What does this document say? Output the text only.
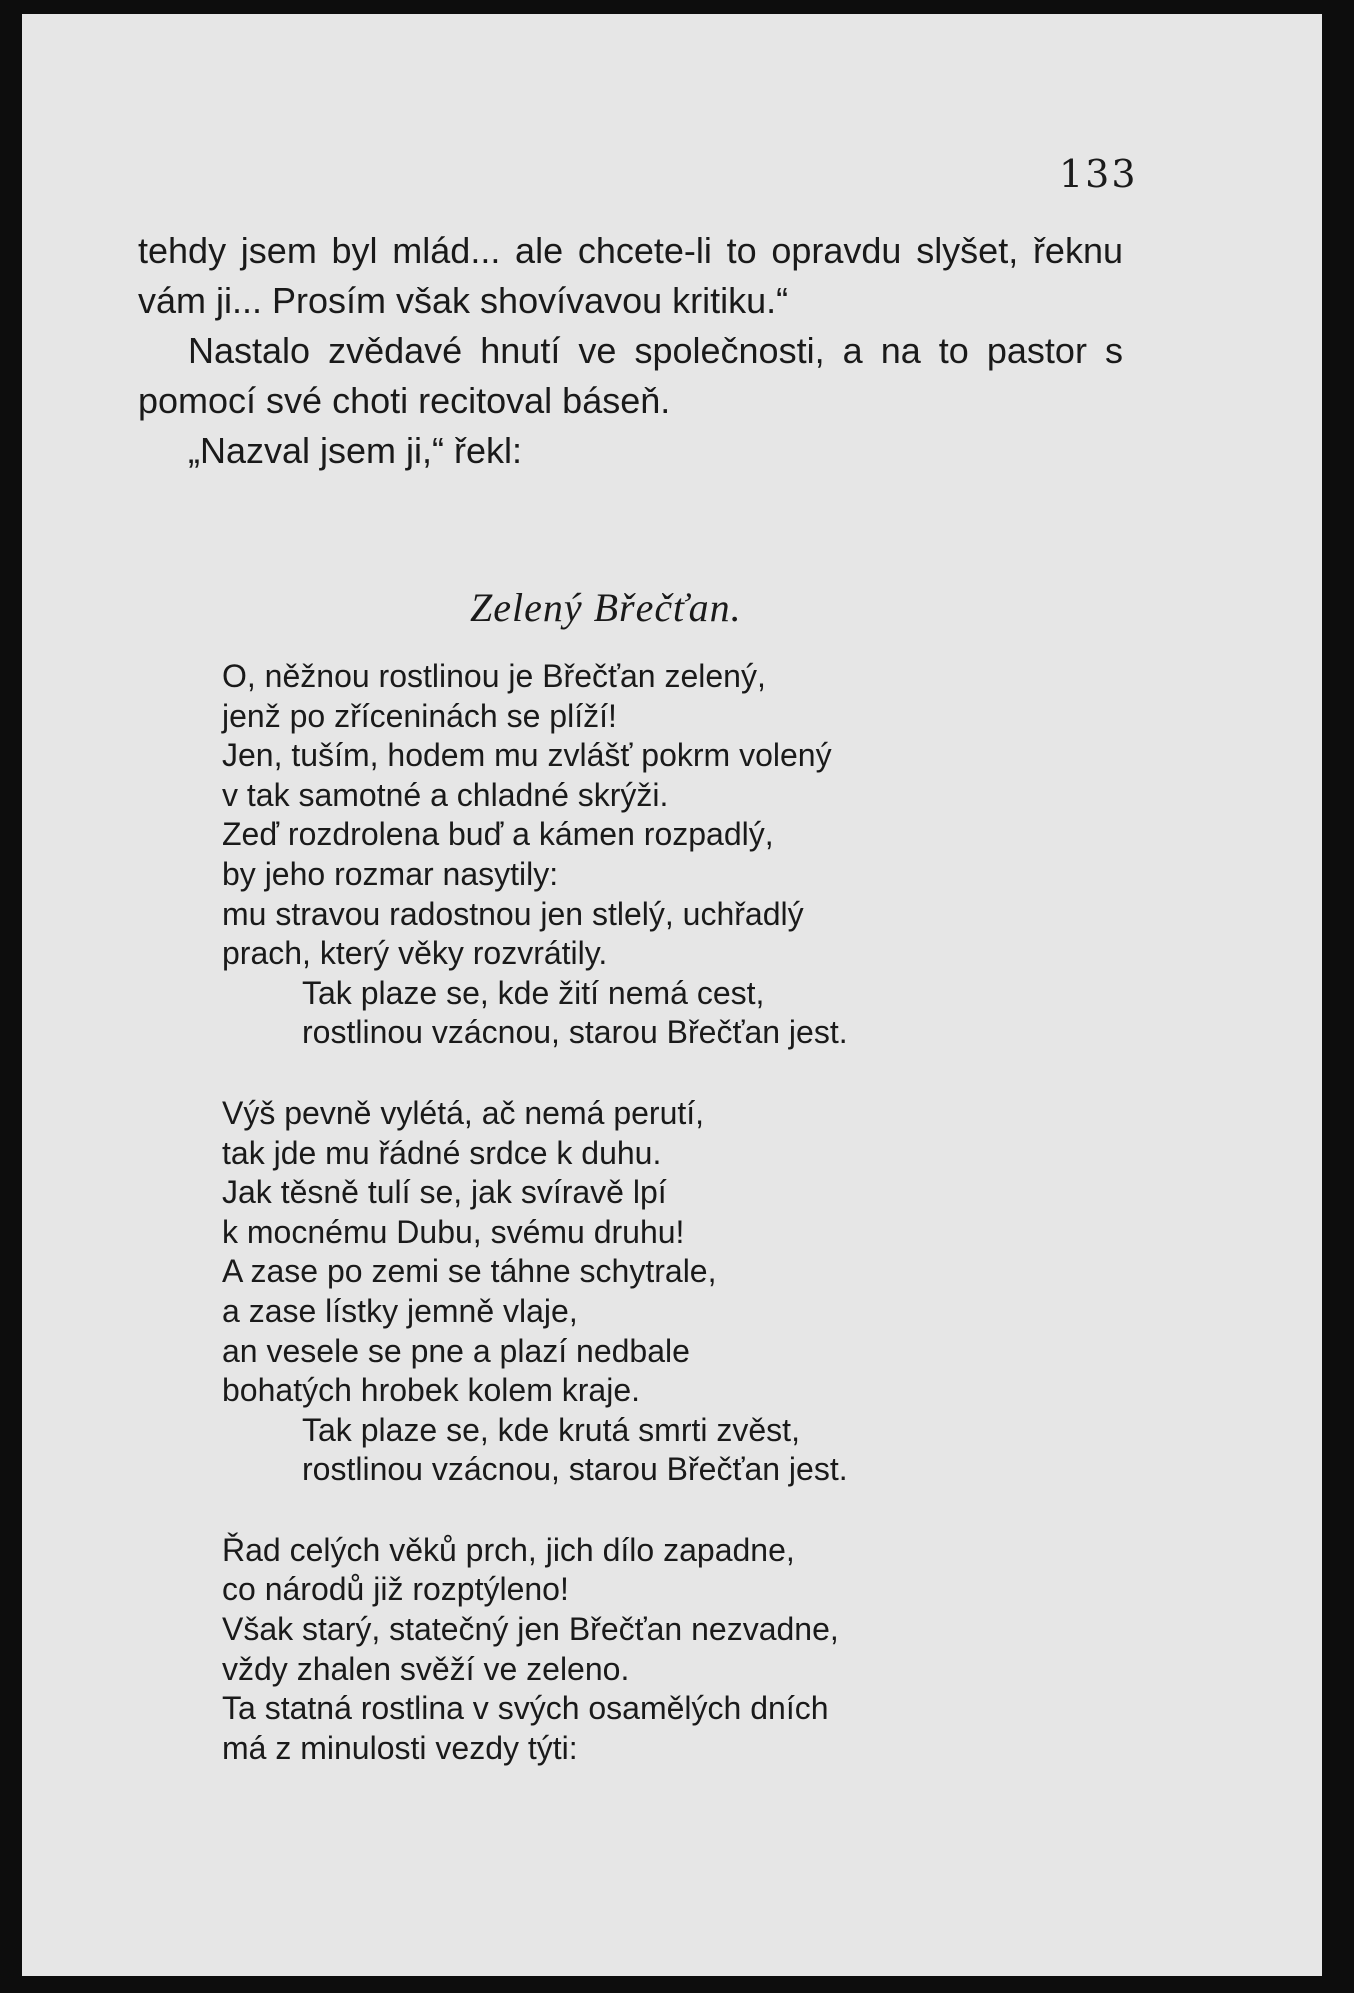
133

tehdy jsem byl mlád... ale chcete-li to opravdu slyšet, řeknu vám ji... Prosím však shovívavou kritiku.“

Nastalo zvědavé hnutí ve společnosti, a na to pastor s pomocí své choti recitoval báseň.

„Nazval jsem ji,“ řekl:

Zelený Břečťan.
O, něžnou rostlinou je Břečťan zelený,
jenž po zříceninách se plíží!
Jen, tuším, hodem mu zvlášť pokrm volený
v tak samotné a chladné skrýži.
Zeď rozdrolena buď a kámen rozpadlý,
by jeho rozmar nasytily:
mu stravou radostnou jen stlelý, uchřadlý
prach, který věky rozvrátily.
Tak plaze se, kde žití nemá cest,
rostlinou vzácnou, starou Břečťan jest.
Výš pevně vylétá, ač nemá perutí,
tak jde mu řádné srdce k duhu.
Jak těsně tulí se, jak svíravě lpí
k mocnému Dubu, svému druhu!
A zase po zemi se táhne schytrale,
a zase lístky jemně vlaje,
an vesele se pne a plazí nedbale
bohatých hrobek kolem kraje.
Tak plaze se, kde krutá smrti zvěst,
rostlinou vzácnou, starou Břečťan jest.
Řad celých věků prch, jich dílo zapadne,
co národů již rozptýleno!
Však starý, statečný jen Břečťan nezvadne,
vždy zhalen svěží ve zeleno.
Ta statná rostlina v svých osamělých dních
má z minulosti vezdy týti:
